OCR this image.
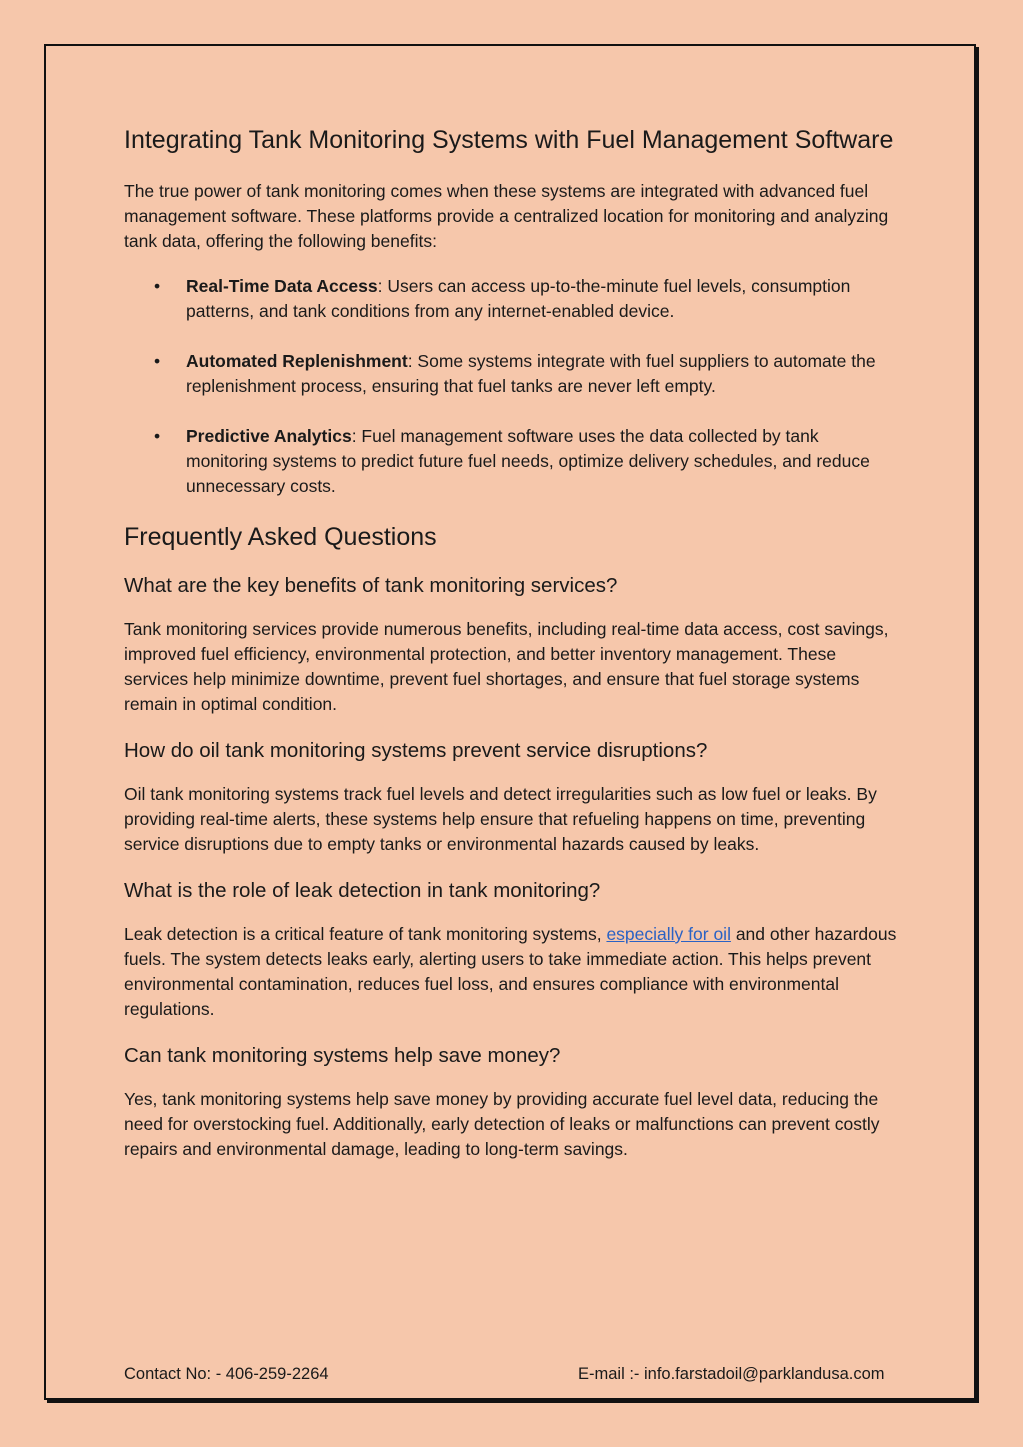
Integrating Tank Monitoring Systems with Fuel Management Software

The true power of tank monitoring comes when these systems are integrated with advanced fuel management software. These platforms provide a centralized location for monitoring and analyzing tank data, offering the following benefits:

• Real-Time Data Access: Users can access up-to-the-minute fuel levels, consumption patterns, and tank conditions from any internet-enabled device.
• Automated Replenishment: Some systems integrate with fuel suppliers to automate the replenishment process, ensuring that fuel tanks are never left empty.
• Predictive Analytics: Fuel management software uses the data collected by tank monitoring systems to predict future fuel needs, optimize delivery schedules, and reduce unnecessary costs.
Frequently Asked Questions
What are the key benefits of tank monitoring services?

Tank monitoring services provide numerous benefits, including real-time data access, cost savings, improved fuel efficiency, environmental protection, and better inventory management. These services help minimize downtime, prevent fuel shortages, and ensure that fuel storage systems remain in optimal condition.

How do oil tank monitoring systems prevent service disruptions?

Oil tank monitoring systems track fuel levels and detect irregularities such as low fuel or leaks. By providing real-time alerts, these systems help ensure that refueling happens on time, preventing service disruptions due to empty tanks or environmental hazards caused by leaks.

What is the role of leak detection in tank monitoring?

Leak detection is a critical feature of tank monitoring systems, especially for oil and other hazardous fuels. The system detects leaks early, alerting users to take immediate action. This helps prevent environmental contamination, reduces fuel loss, and ensures compliance with environmental regulations.

Can tank monitoring systems help save money?

Yes, tank monitoring systems help save money by providing accurate fuel level data, reducing the need for overstocking fuel. Additionally, early detection of leaks or malfunctions can prevent costly repairs and environmental damage, leading to long-term savings.

Contact No: - 406-259-2264	E-mail :- info.farstadoil@parklandusa.com
